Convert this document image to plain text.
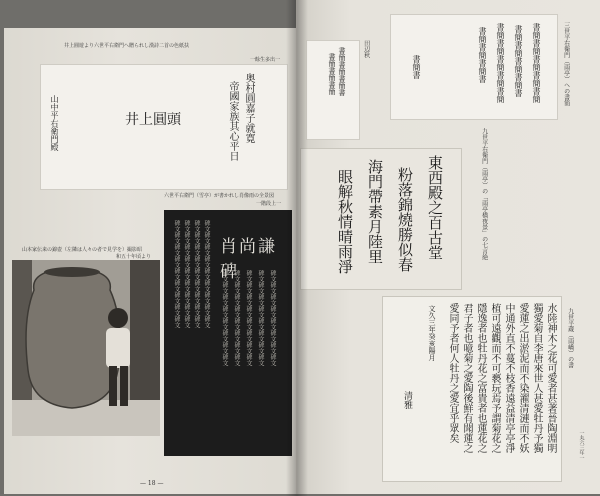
井上圓遊より六世平右衛門へ贈られし漢詩二首の色紙扶
一餘生多出一
山中平右衛門殿	井上圓頭	奥村圓嘉子就寛
帝國家族其心平日
六世平右衛門（雪亭）が書かれし肖像雨の全景図
一階段上一
肖尚謙碑
碑文碑文碑文碑文碑文碑文碑文碑文碑文 碑文碑文碑文碑文碑文碑文碑文碑文碑文 碑文碑文碑文碑文碑文碑文碑文碑文碑文 碑文碑文碑文碑文碑文碑文碑文碑文碑文 碑文碑文碑文碑文碑文碑文碑文碑文 碑文碑文碑文碑文碑文碑文碑文碑文 碑文碑文碑文碑文碑文碑文碑文碑文 碑文碑文碑文碑文碑文碑文碑文碑文 碑文碑文碑文碑文碑文碑文碑文碑文
山本家伝来の錦壺（左隣は人々の者で見学を）撮影昭
和五十年頃より
— 18 —
書簡書簡書簡書
書簡書簡書簡
田辺秋	書簡書簡書簡書簡書簡
書簡書簡書簡書簡書
書簡書簡書簡書簡書簡
書簡書簡書簡書
書簡書	三世平右衛門（雨亭）への書簡
東西殿之百古堂
粉落錦燒勝似春
海門帶素月陸里
眼解秋情晴雨淨	九世平右衛門（雨亭）の「雨亭橋夜景」の七言絶
水陸神木之花可愛者甚著晉陶淵明
獨愛菊自李唐來世人甚愛牡丹予獨
愛蓮之出淤泥而不染濯清漣而不妖
中通外直不蔓不枝香遠益清亭亭淨
植可遠觀而不可褻玩焉予謂菊花之
隱逸者也牡丹花之富貴者也蓮花之
君子者也噫菊之愛陶後鮮有聞蓮之
愛同予者何人牡丹之愛宜乎眾矣
文久三年癸亥陽月
清雅
九世平蔵（雨嶠）の書
一丸六三年一
